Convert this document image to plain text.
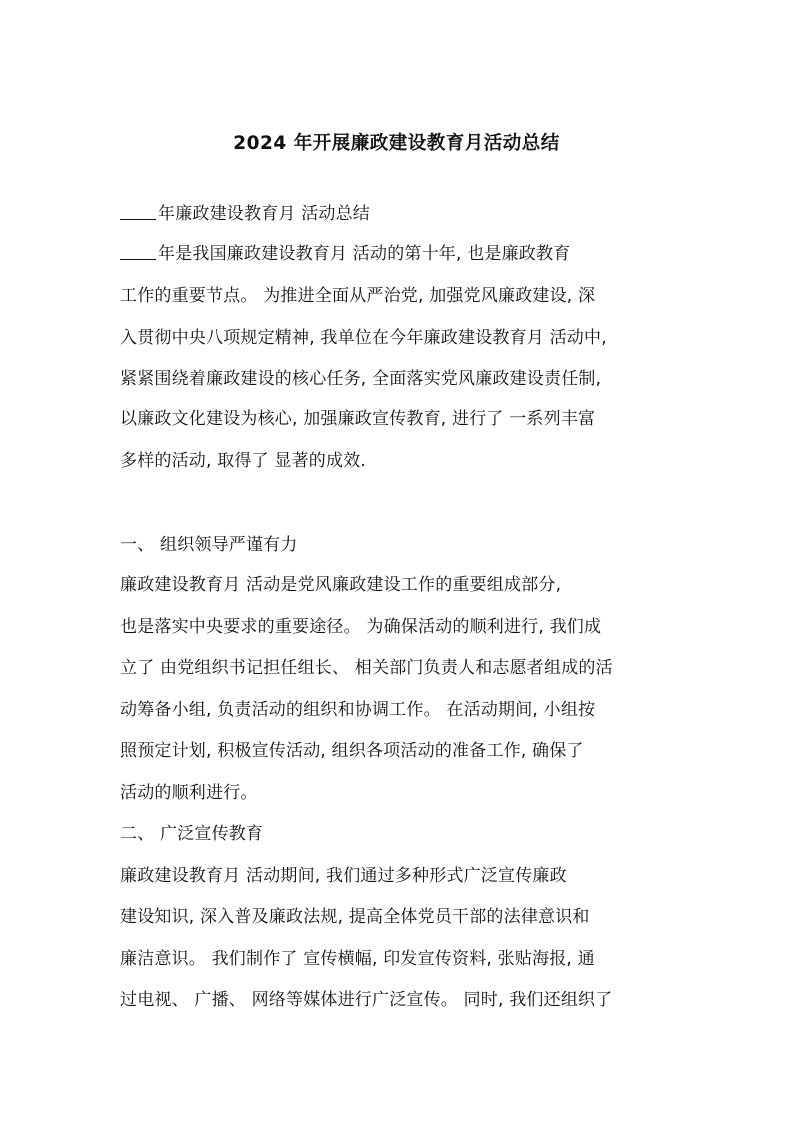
2024 年开展廉政建设教育月活动总结
年廉政建设教育月 活动总结
年是我国廉政建设教育月 活动的第十年, 也是廉政教育
工作的重要节点。 为推进全面从严治党, 加强党风廉政建设, 深
入贯彻中央八项规定精神, 我单位在今年廉政建设教育月 活动中,
紧紧围绕着廉政建设的核心任务, 全面落实党风廉政建设责任制,
以廉政文化建设为核心, 加强廉政宣传教育, 进行了 一系列丰富
多样的活动, 取得了 显著的成效.
一、 组织领导严谨有力
廉政建设教育月 活动是党风廉政建设工作的重要组成部分,
也是落实中央要求的重要途径。 为确保活动的顺利进行, 我们成
立了 由党组织书记担任组长、 相关部门负责人和志愿者组成的活
动筹备小组, 负责活动的组织和协调工作。 在活动期间, 小组按
照预定计划, 积极宣传活动, 组织各项活动的准备工作, 确保了
活动的顺利进行。
二、 广泛宣传教育
廉政建设教育月 活动期间, 我们通过多种形式广泛宣传廉政
建设知识, 深入普及廉政法规, 提高全体党员干部的法律意识和
廉洁意识。 我们制作了 宣传横幅, 印发宣传资料, 张贴海报, 通
过电视、 广播、 网络等媒体进行广泛宣传。 同时, 我们还组织了
